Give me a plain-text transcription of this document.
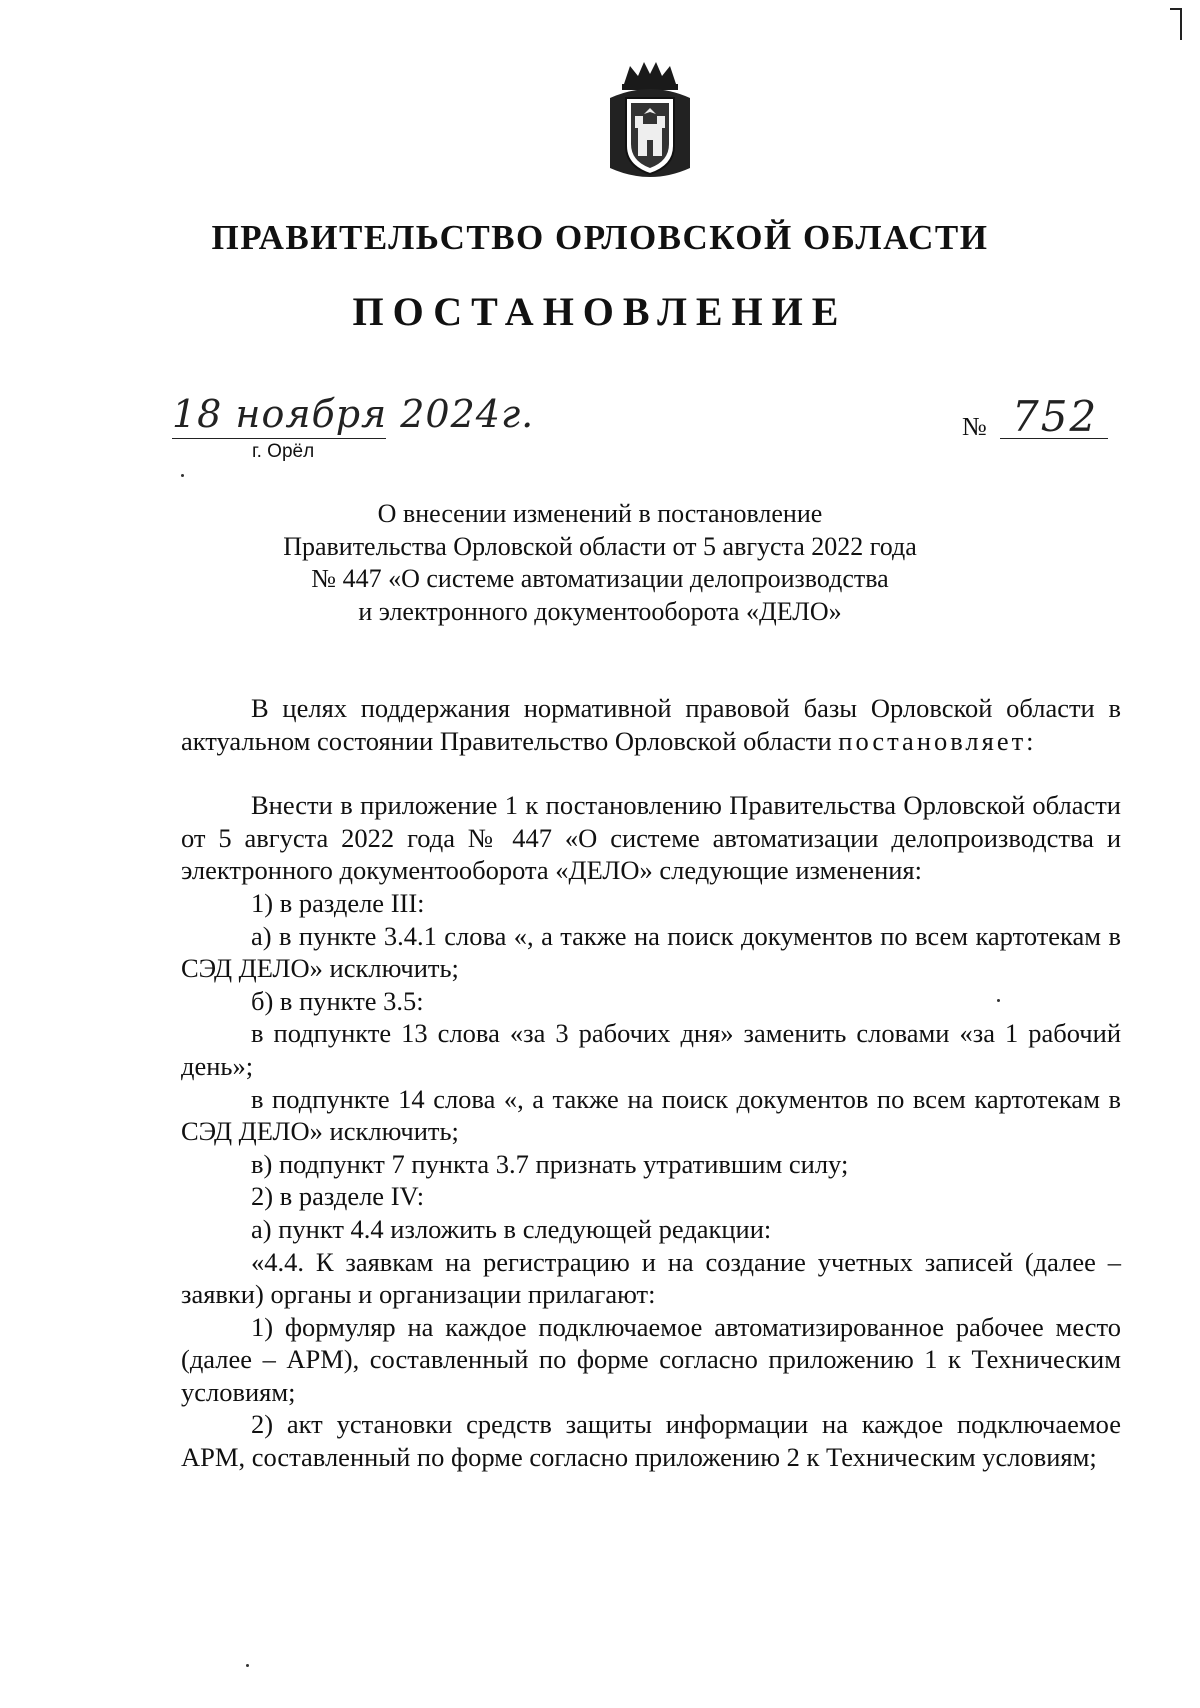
ПРАВИТЕЛЬСТВО ОРЛОВСКОЙ ОБЛАСТИ
ПОСТАНОВЛЕНИЕ
18 ноября 2024г.
г. Орёл
№ 752
О внесении изменений в постановление
Правительства Орловской области от 5 августа 2022 года
№ 447 «О системе автоматизации делопроизводства
и электронного документооборота «ДЕЛО»

В целях поддержания нормативной правовой базы Орловской области в актуальном состоянии Правительство Орловской области постановляет:

Внести в приложение 1 к постановлению Правительства Орловской области от 5 августа 2022 года № 447 «О системе автоматизации делопроизводства и электронного документооборота «ДЕЛО» следующие изменения:

1) в разделе III:

а) в пункте 3.4.1 слова «, а также на поиск документов по всем картотекам в СЭД ДЕЛО» исключить;

б) в пункте 3.5:

в подпункте 13 слова «за 3 рабочих дня» заменить словами «за 1 рабочий день»;

в подпункте 14 слова «, а также на поиск документов по всем картотекам в СЭД ДЕЛО» исключить;

в) подпункт 7 пункта 3.7 признать утратившим силу;

2) в разделе IV:

а) пункт 4.4 изложить в следующей редакции:

«4.4. К заявкам на регистрацию и на создание учетных записей (далее – заявки) органы и организации прилагают:

1) формуляр на каждое подключаемое автоматизированное рабочее место (далее – АРМ), составленный по форме согласно приложению 1 к Техническим условиям;

2) акт установки средств защиты информации на каждое подключаемое АРМ, составленный по форме согласно приложению 2 к Техническим условиям;
